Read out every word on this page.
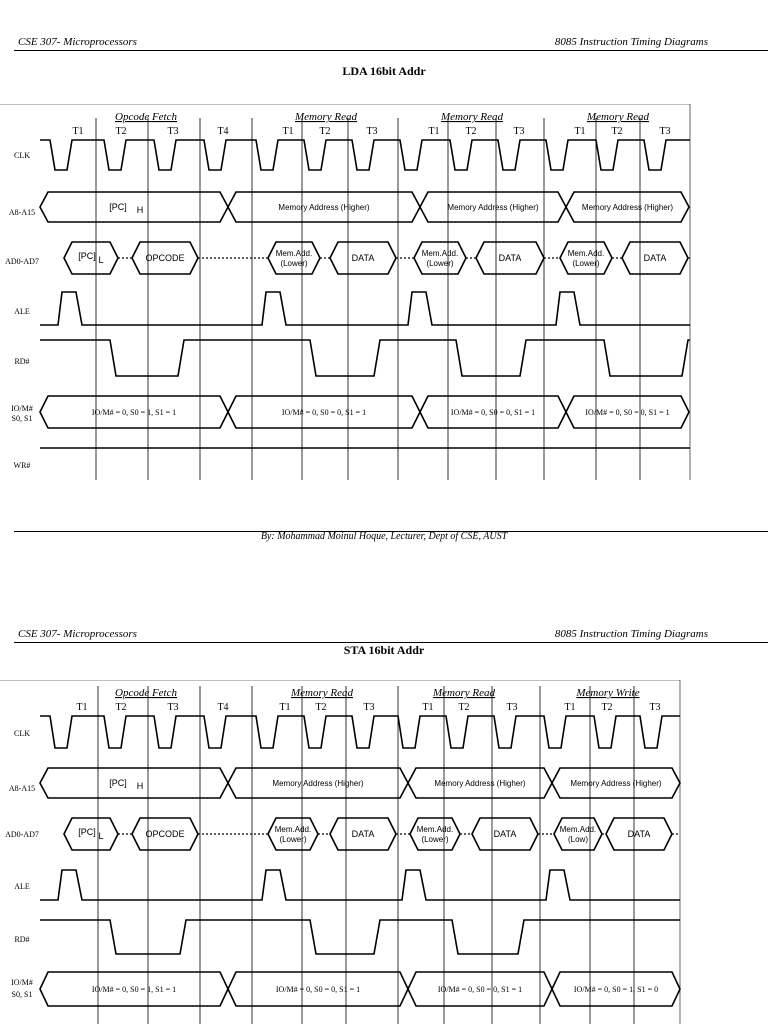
CSE 307- Microprocessors	8085 Instruction Timing Diagrams
LDA 16bit Addr
Opcode Fetch
T1	T2	T3	T4
Memory Read
T1	T2	T3
Memory Read
T1	T2	T3
Memory Read
T1	T2	T3
CLK
A8-A15
AD0-AD7
ALE
RD#
IO/M#
S0, S1
WR#
[PC] H	Memory Address (Higher)	Memory Address (Higher)	Memory Address (Higher)
[PC] L	OPCODE	Mem.Add.
(Lower)
DATA	Mem.Add.
(Lower)
DATA	Mem.Add.
(Lower)
DATA
IO/M# = 0, S0 = 1, S1 = 1	IO/M# = 0, S0 = 0, S1 = 1	IO/M# = 0, S0 = 0, S1 = 1	IO/M# = 0, S0 = 0, S1 = 1
By: Mohammad Moinul Hoque, Lecturer, Dept of CSE, AUST
CSE 307- Microprocessors	8085 Instruction Timing Diagrams
STA 16bit Addr
Opcode Fetch
T1	T2	T3	T4
Memory Read
T1 T2	T3
Memory Read
T1 T2	T3
Memory Write
T1	T2	T3
CLK
A8-A15
AD0-AD7
ALE
RD#
IO/M#
S0, S1
[PC] H	Memory Address (Higher)	Memory Address (Higher)	Memory Address (Higher)
[PC] L	OPCODE	Mem.Add.
(Lower)
DATA	Mem.Add.
(Lower)
DATA	Mem.Add.
(Low)
DATA
IO/M# = 0, S0 = 1, S1 = 1	IO/M# = 0, S0 = 0, S1 = 1	IO/M# = 0, S0 = 0, S1 = 1	IO/M# = 0, S0 = 1, S1 = 0
